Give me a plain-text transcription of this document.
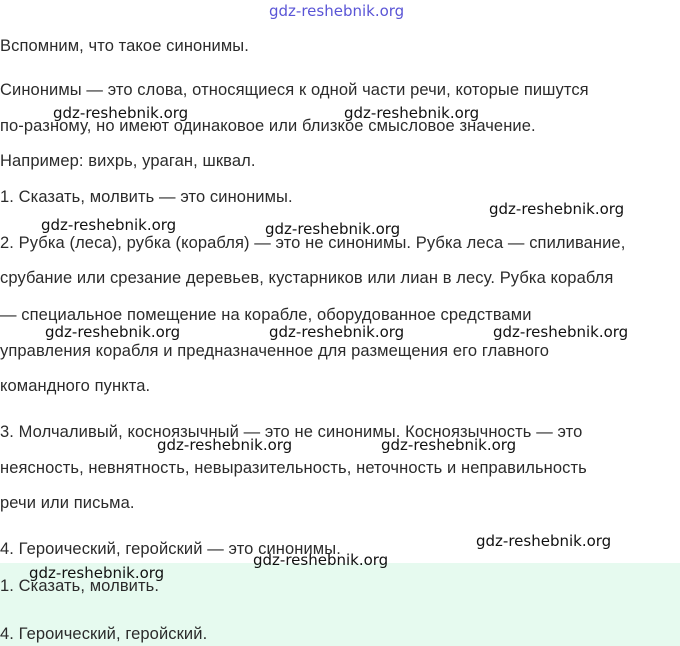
gdz-reshebnik.org
Вспомним, что такое синонимы.
Синонимы — это слова, относящиеся к одной части речи, которые пишутся
по-разному, но имеют одинаковое или близкое смысловое значение.
Например: вихрь, ураган, шквал.
1. Сказать, молвить — это синонимы.
2. Рубка (леса), рубка (корабля) — это не синонимы. Рубка леса — спиливание,
срубание или срезание деревьев, кустарников или лиан в лесу. Рубка корабля
— специальное помещение на корабле, оборудованное средствами
управления корабля и предназначенное для размещения его главного
командного пункта.
3. Молчаливый, косноязычный — это не синонимы. Косноязычность — это
неясность, невнятность, невыразительность, неточность и неправильность
речи или письма.
4. Героический, геройский — это синонимы.
1. Сказать, молвить.
4. Героический, геройский.
gdz-reshebnik.org	gdz-reshebnik.org
gdz-reshebnik.org
gdz-reshebnik.org	gdz-reshebnik.org
gdz-reshebnik.org	gdz-reshebnik.org	gdz-reshebnik.org
gdz-reshebnik.org	gdz-reshebnik.org
gdz-reshebnik.org
gdz-reshebnik.org
gdz-reshebnik.org
